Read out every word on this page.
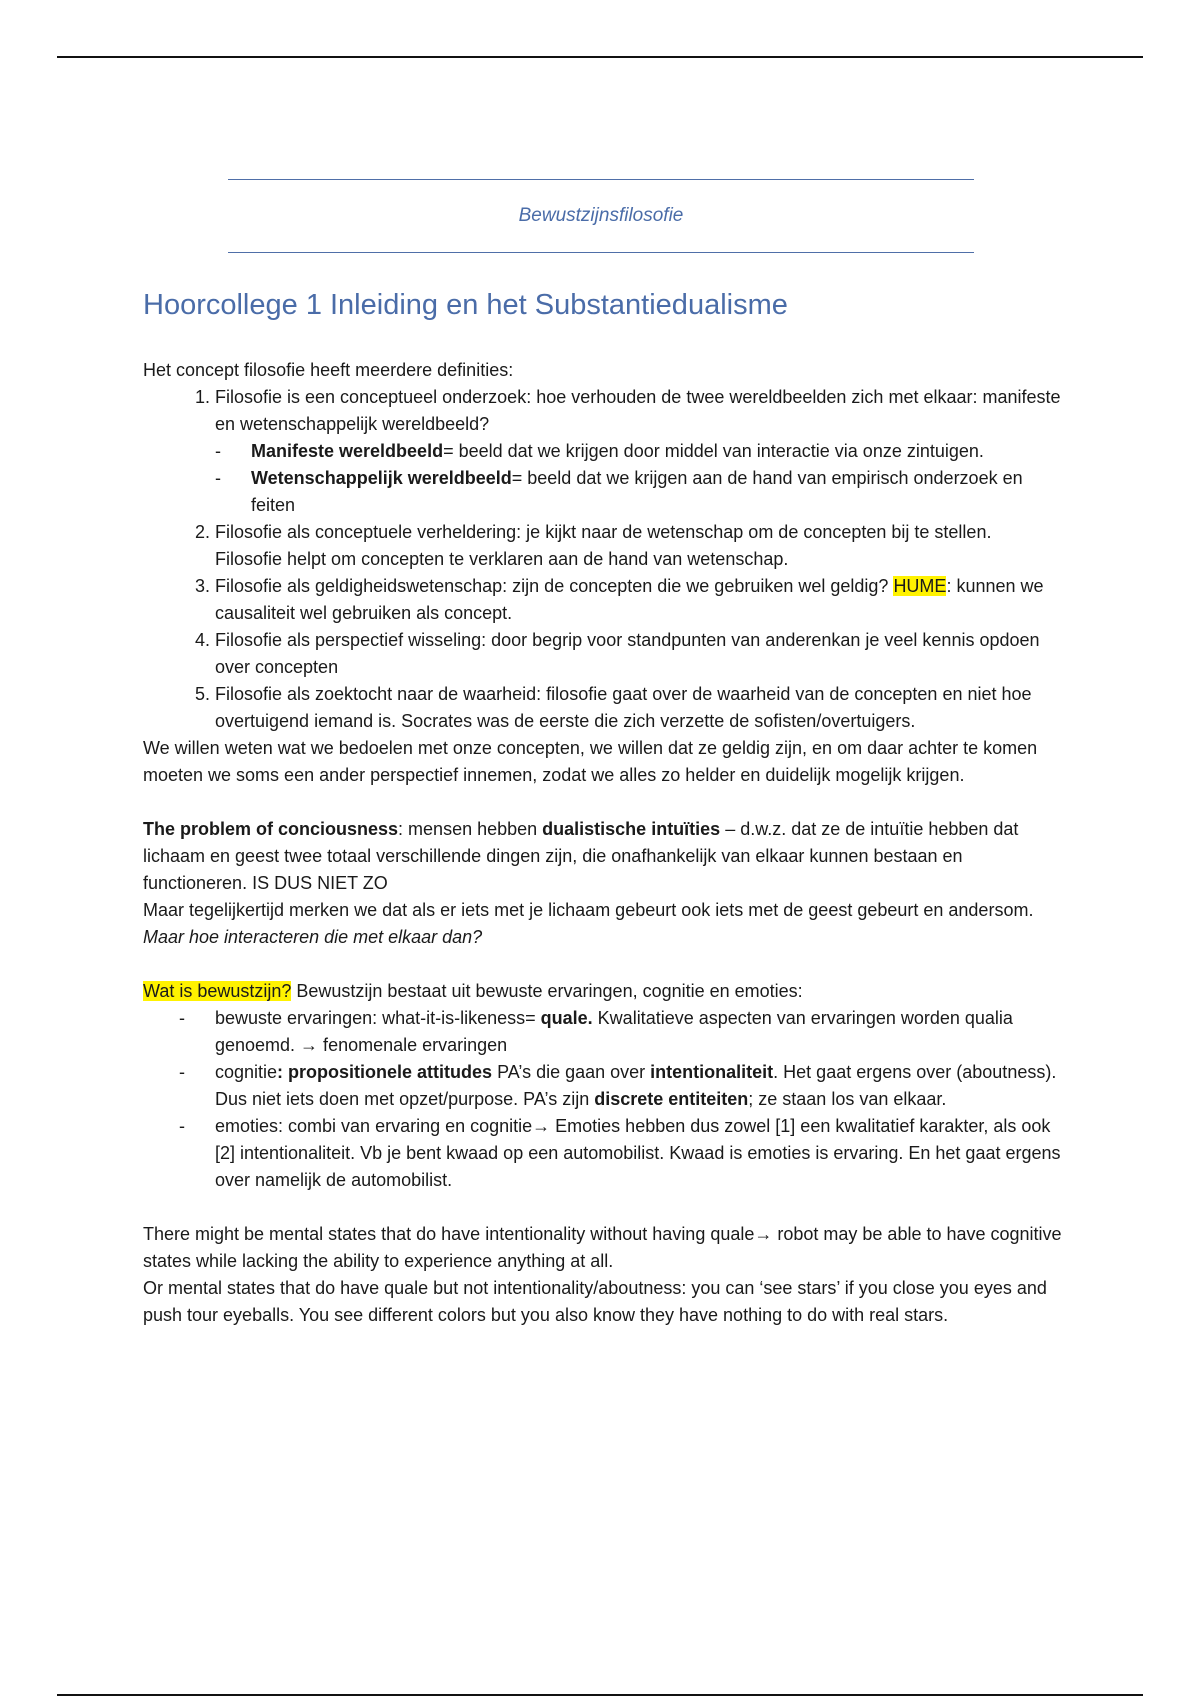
Bewustzijnsfilosofie
Hoorcollege 1 Inleiding en het Substantiedualisme

Het concept filosofie heeft meerdere definities:

1. Filosofie is een conceptueel onderzoek: hoe verhouden de twee wereldbeelden zich met elkaar: manifeste en wetenschappelijk wereldbeeld?
- Manifeste wereldbeeld= beeld dat we krijgen door middel van interactie via onze zintuigen.
- Wetenschappelijk wereldbeeld= beeld dat we krijgen aan de hand van empirisch onderzoek en feiten
2. Filosofie als conceptuele verheldering: je kijkt naar de wetenschap om de concepten bij te stellen. Filosofie helpt om concepten te verklaren aan de hand van wetenschap.
3. Filosofie als geldigheidswetenschap: zijn de concepten die we gebruiken wel geldig? HUME: kunnen we causaliteit wel gebruiken als concept.
4. Filosofie als perspectief wisseling: door begrip voor standpunten van anderenkan je veel kennis opdoen over concepten
5. Filosofie als zoektocht naar de waarheid: filosofie gaat over de waarheid van de concepten en niet hoe overtuigend iemand is. Socrates was de eerste die zich verzette de sofisten/overtuigers.

We willen weten wat we bedoelen met onze concepten, we willen dat ze geldig zijn, en om daar achter te komen moeten we soms een ander perspectief innemen, zodat we alles zo helder en duidelijk mogelijk krijgen.

The problem of conciousness: mensen hebben dualistische intuïties – d.w.z. dat ze de intuïtie hebben dat lichaam en geest twee totaal verschillende dingen zijn, die onafhankelijk van elkaar kunnen bestaan en functioneren. IS DUS NIET ZO

Maar tegelijkertijd merken we dat als er iets met je lichaam gebeurt ook iets met de geest gebeurt en andersom. Maar hoe interacteren die met elkaar dan?

Wat is bewustzijn? Bewustzijn bestaat uit bewuste ervaringen, cognitie en emoties:

- bewuste ervaringen: what-it-is-likeness= quale. Kwalitatieve aspecten van ervaringen worden qualia genoemd. → fenomenale ervaringen
- cognitie: propositionele attitudes PA’s die gaan over intentionaliteit. Het gaat ergens over (aboutness). Dus niet iets doen met opzet/purpose. PA’s zijn discrete entiteiten; ze staan los van elkaar.
- emoties: combi van ervaring en cognitie→ Emoties hebben dus zowel [1] een kwalitatief karakter, als ook [2] intentionaliteit. Vb je bent kwaad op een automobilist. Kwaad is emoties is ervaring. En het gaat ergens over namelijk de automobilist.

There might be mental states that do have intentionality without having quale→ robot may be able to have cognitive states while lacking the ability to experience anything at all.

Or mental states that do have quale but not intentionality/aboutness: you can ‘see stars’ if you close you eyes and push tour eyeballs. You see different colors but you also know they have nothing to do with real stars.
